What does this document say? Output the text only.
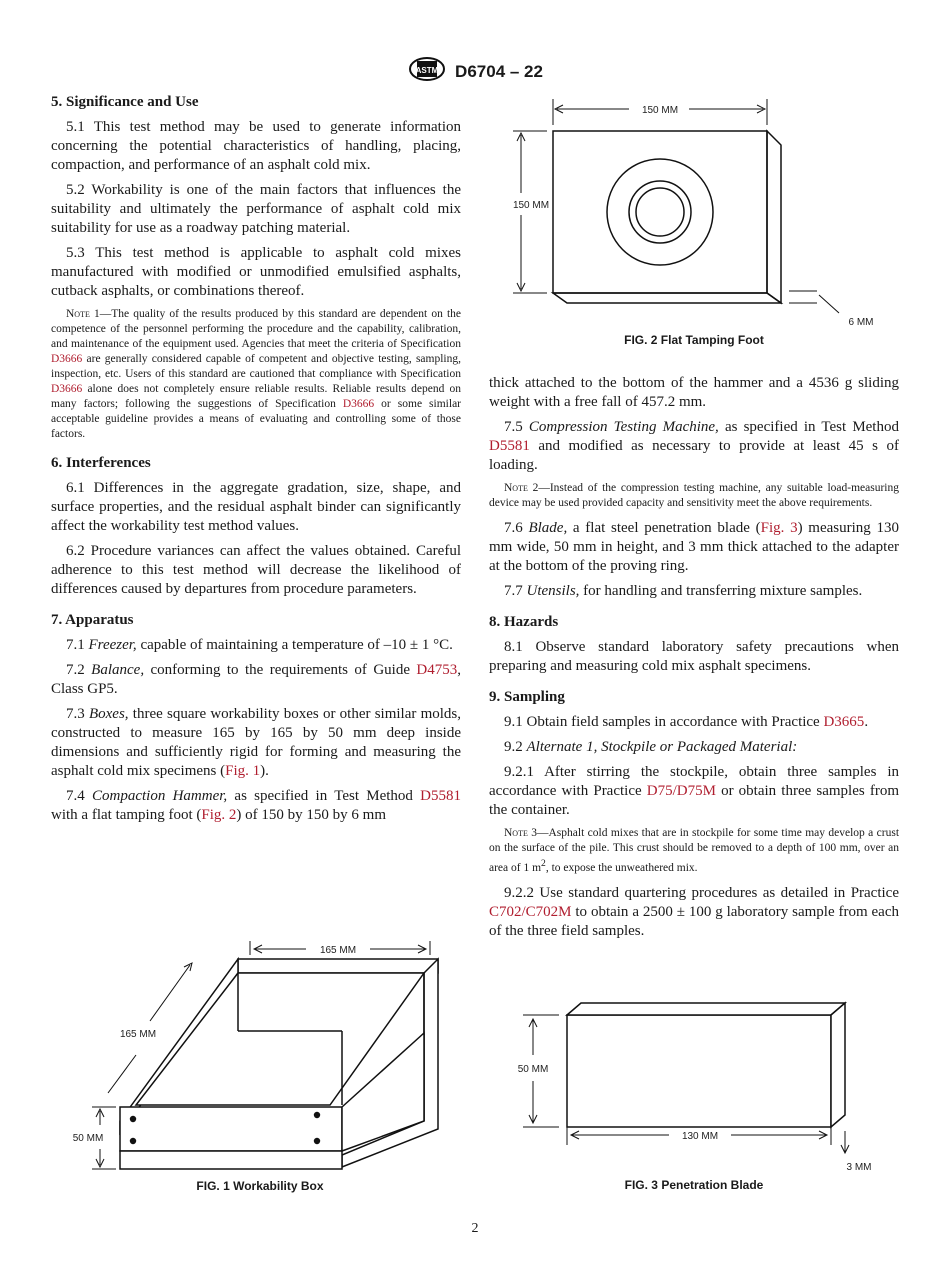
ASTM D6704 – 22
5. Significance and Use

5.1 This test method may be used to generate information concerning the potential characteristics of handling, placing, compaction, and performance of an asphalt cold mix.

5.2 Workability is one of the main factors that influences the suitability and ultimately the performance of asphalt cold mix suitability for use as a roadway patching material.

5.3 This test method is applicable to asphalt cold mixes manufactured with modified or unmodified emulsified asphalts, cutback asphalts, or combinations thereof.

Note 1—The quality of the results produced by this standard are dependent on the competence of the personnel performing the procedure and the capability, calibration, and maintenance of the equipment used. Agencies that meet the criteria of Specification D3666 are generally considered capable of competent and objective testing, sampling, inspection, etc. Users of this standard are cautioned that compliance with Specification D3666 alone does not completely ensure reliable results. Reliable results depend on many factors; following the suggestions of Specification D3666 or some similar acceptable guideline provides a means of evaluating and controlling some of those factors.

6. Interferences

6.1 Differences in the aggregate gradation, size, shape, and surface properties, and the residual asphalt binder can significantly affect the workability test method values.

6.2 Procedure variances can affect the values obtained. Careful adherence to this test method will decrease the likelihood of differences caused by departures from procedure parameters.

7. Apparatus

7.1 Freezer, capable of maintaining a temperature of –10 ± 1 °C.

7.2 Balance, conforming to the requirements of Guide D4753, Class GP5.

7.3 Boxes, three square workability boxes or other similar molds, constructed to measure 165 by 165 by 50 mm deep inside dimensions and sufficiently rigid for forming and measuring the asphalt cold mix specimens (Fig. 1).

7.4 Compaction Hammer, as specified in Test Method D5581 with a flat tamping foot (Fig. 2) of 150 by 150 by 6 mm

150 MM
150 MM
6 MM
FIG. 2 Flat Tamping Foot

thick attached to the bottom of the hammer and a 4536 g sliding weight with a free fall of 457.2 mm.

7.5 Compression Testing Machine, as specified in Test Method D5581 and modified as necessary to provide at least 45 s of loading.

Note 2—Instead of the compression testing machine, any suitable load-measuring device may be used provided capacity and sensitivity meet the above requirements.

7.6 Blade, a flat steel penetration blade (Fig. 3) measuring 130 mm wide, 50 mm in height, and 3 mm thick attached to the adapter at the bottom of the proving ring.

7.7 Utensils, for handling and transferring mixture samples.

8. Hazards

8.1 Observe standard laboratory safety precautions when preparing and measuring cold mix asphalt specimens.

9. Sampling

9.1 Obtain field samples in accordance with Practice D3665.

9.2 Alternate 1, Stockpile or Packaged Material:

9.2.1 After stirring the stockpile, obtain three samples in accordance with Practice D75/D75M or obtain three samples from the container.

Note 3—Asphalt cold mixes that are in stockpile for some time may develop a crust on the surface of the pile. This crust should be removed to a depth of 100 mm, over an area of 1 $m^2$, to expose the unweathered mix.

9.2.2 Use standard quartering procedures as detailed in Practice C702/C702M to obtain a 2500 ± 100 g laboratory sample from each of the three field samples.

165 MM
165 MM
50 MM
FIG. 1 Workability Box
50 MM
130 MM
3 MM
FIG. 3 Penetration Blade
2
